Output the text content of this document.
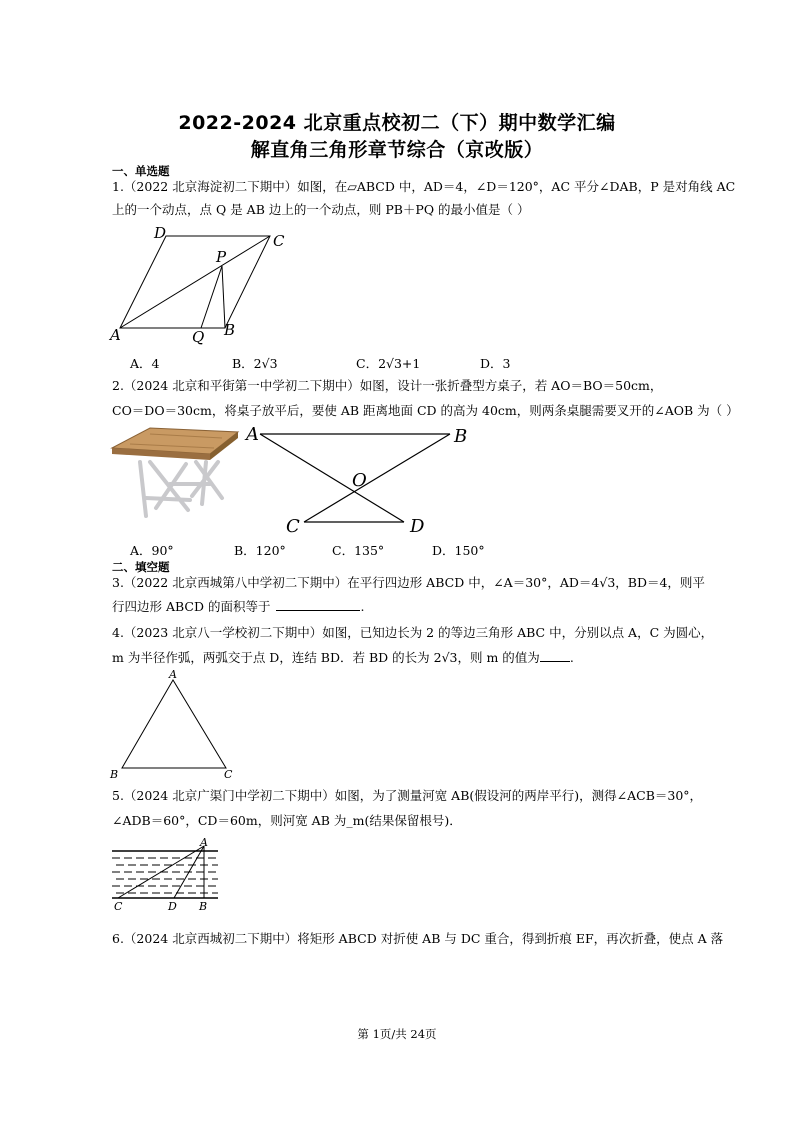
2022-2024 北京重点校初二（下）期中数学汇编
解直角三角形章节综合（京改版）
一、单选题
1.（2022 北京海淀初二下期中）如图，在▱ABCD 中，AD＝4，∠D＝120°，AC 平分∠DAB，P 是对角线 AC
上的一个动点，点 Q 是 AB 边上的一个动点，则 PB＋PQ 的最小值是（ ）
D	C
P
A	Q B
A．4	B．2√3	C．2√3+1	D．3
2.（2024 北京和平街第一中学初二下期中）如图，设计一张折叠型方桌子，若 AO＝BO＝50cm，
CO＝DO＝30cm，将桌子放平后，要使 AB 距离地面 CD 的高为 40cm，则两条桌腿需要叉开的∠AOB 为（ ）
A	B
O
C	D
A．90°	B．120°	C．135°	D．150°
二、填空题
3.（2022 北京西城第八中学初二下期中）在平行四边形 ABCD 中，∠A＝30°，AD＝4√3，BD＝4，则平
行四边形 ABCD 的面积等于	.
4.（2023 北京八一学校初二下期中）如图，已知边长为 2 的等边三角形 ABC 中，分别以点 A，C 为圆心，
m 为半径作弧，两弧交于点 D，连结 BD．若 BD 的长为 2√3，则 m 的值为 .
A
B	C
5.（2024 北京广渠门中学初二下期中）如图，为了测量河宽 AB(假设河的两岸平行)，测得∠ACB＝30°，
∠ADB＝60°，CD＝60m，则河宽 AB 为_m(结果保留根号)．
A
C	D B
6.（2024 北京西城初二下期中）将矩形 ABCD 对折使 AB 与 DC 重合，得到折痕 EF，再次折叠，使点 A 落
第 1页/共 24页
